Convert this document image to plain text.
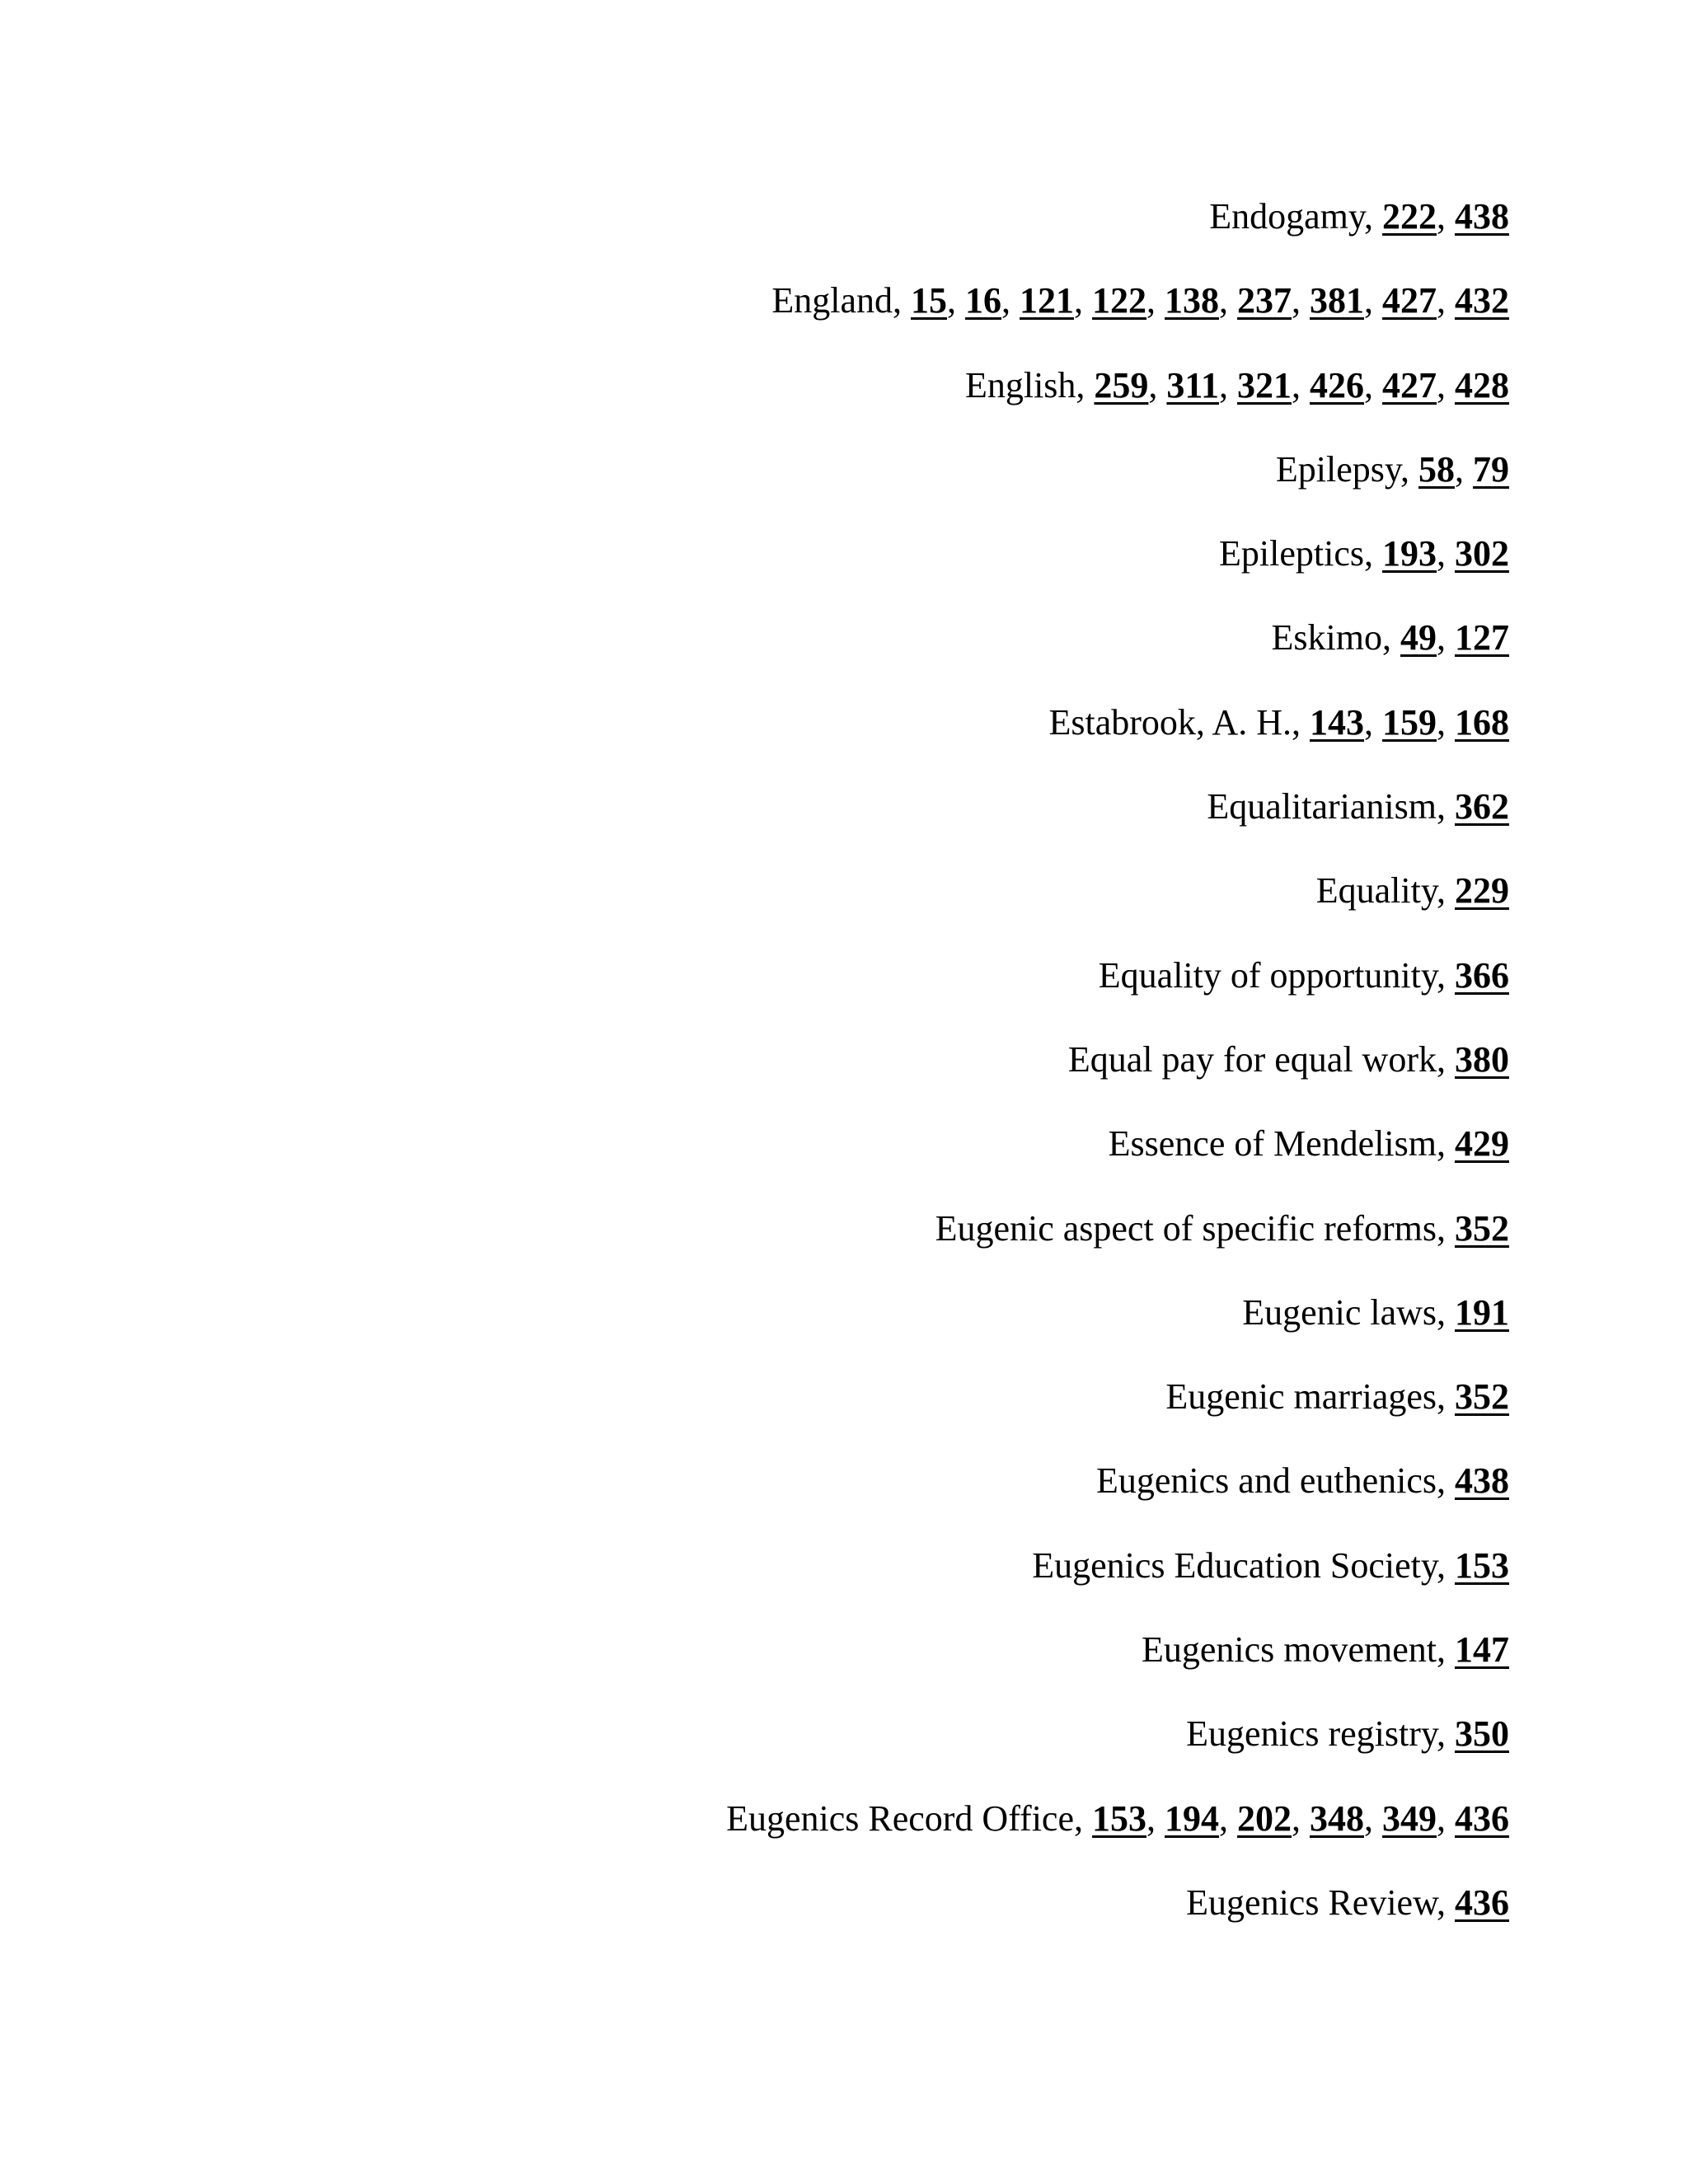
Endogamy, 222, 438
England, 15, 16, 121, 122, 138, 237, 381, 427, 432
English, 259, 311, 321, 426, 427, 428
Epilepsy, 58, 79
Epileptics, 193, 302
Eskimo, 49, 127
Estabrook, A. H., 143, 159, 168
Equalitarianism, 362
Equality, 229
Equality of opportunity, 366
Equal pay for equal work, 380
Essence of Mendelism, 429
Eugenic aspect of specific reforms, 352
Eugenic laws, 191
Eugenic marriages, 352
Eugenics and euthenics, 438
Eugenics Education Society, 153
Eugenics movement, 147
Eugenics registry, 350
Eugenics Record Office, 153, 194, 202, 348, 349, 436
Eugenics Review, 436
